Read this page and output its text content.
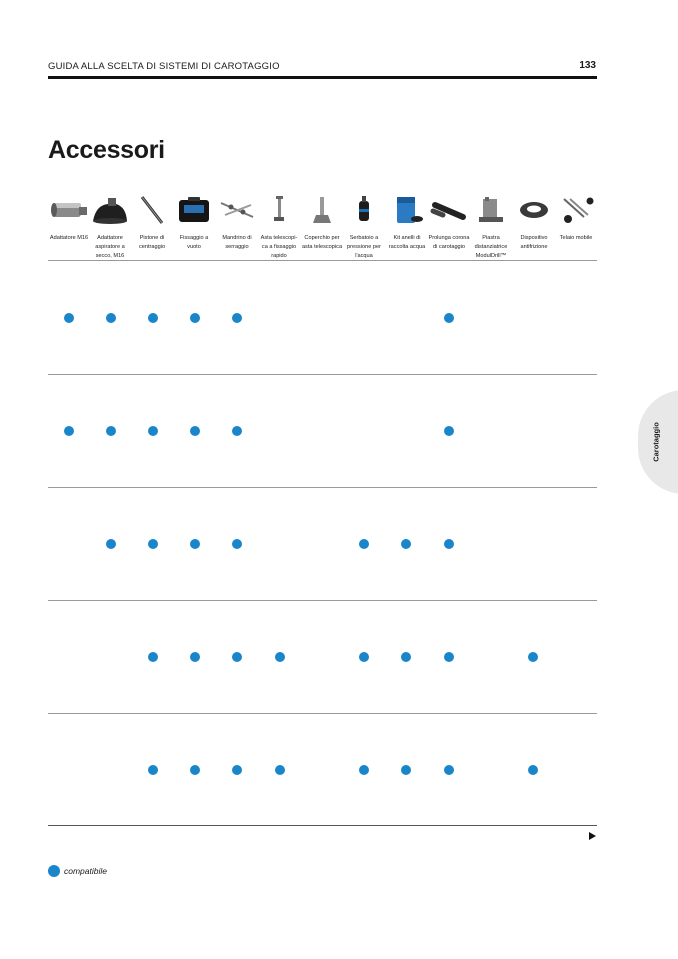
GUIDA ALLA SCELTA DI SISTEMI DI CAROTAGGIO	133
Accessori
Adattatore M16	Adattatore aspiratore a secco, M16
Pistone di centraggio
Fissaggio a vuoto
Mandrino di serraggio
Asta telescopi-ca a fissaggio rapido
Coperchio per asta telescopica
Serbatoio a pressione per l'acqua
Kit anelli di raccolta acqua
Prolunga corona di carotaggio
Piastra distanziatrice ModulDrill™
Dispositivo antifrizione
Telaio mobile
Carotaggio
compatibile
